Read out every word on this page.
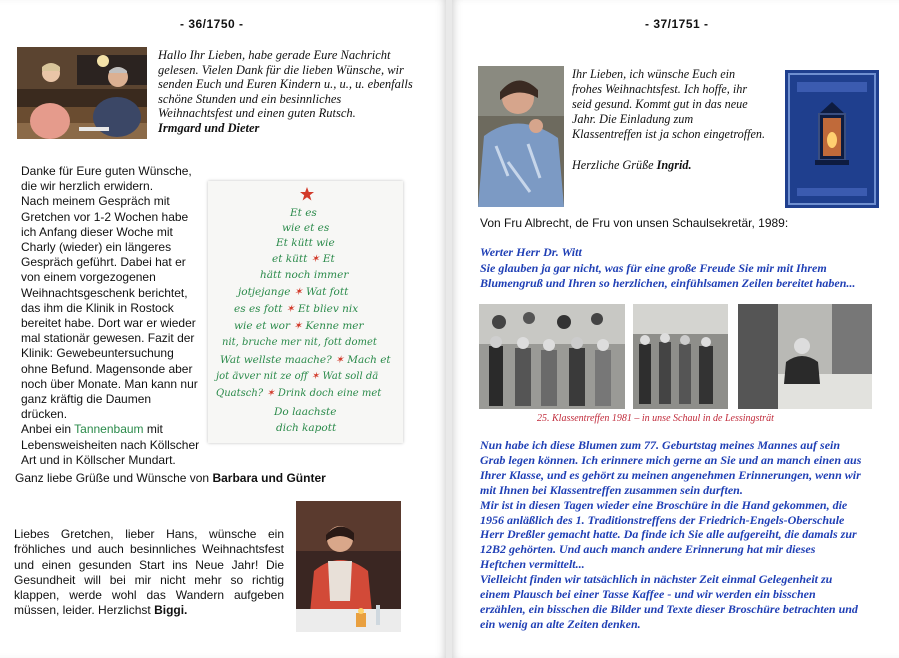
- 36/1750 -
Hallo Ihr Lieben, habe gerade Eure Nachricht
gelesen. Vielen Dank für die lieben Wünsche, wir
senden Euch und Euren Kindern u., u., u. ebenfalls
schöne Stunden und ein besinnliches
Weihnachtsfest und einen guten Rutsch.
Irmgard und Dieter
Danke für Eure guten Wünsche,
die wir herzlich erwidern.
Nach meinem Gespräch mit
Gretchen vor 1-2 Wochen habe
ich Anfang dieser Woche mit
Charly (wieder) ein längeres
Gespräch geführt. Dabei hat er
von einem vorgezogenen
Weihnachtsgeschenk berichtet,
das ihm die Klinik in Rostock
bereitet habe. Dort war er wieder
mal stationär gewesen. Fazit der
Klinik: Gewebeuntersuchung
ohne Befund. Magensonde aber
noch über Monate. Man kann nur
ganz kräftig die Daumen
drücken.
Anbei ein Tannenbaum mit
Lebensweisheiten nach Köllscher
Art und in Köllscher Mundart.
Et es
wie et es
Et kütt wie
et kütt ✶ Et
hätt noch immer
jotjejange ✶ Wat fott
es es fott ✶ Et bliev nix
wie et wor ✶ Kenne mer
nit, bruche mer nit, fott domet
Wat wellste maache? ✶ Mach et
jot ävver nit ze off ✶ Wat soll dä
Quatsch? ✶ Drink doch eine met
Do laachste
dich kapott
Ganz liebe Grüße und Wünsche von Barbara und Günter
Liebes Gretchen, lieber Hans, wünsche ein
fröhliches und auch besinnliches Weihnachtsfest
und einen gesunden Start ins Neue Jahr! Die
Gesundheit will bei mir nicht mehr so richtig
klappen, werde wohl das Wandern aufgeben
müssen, leider. Herzlichst Biggi.
- 37/1751 -
Ihr Lieben, ich wünsche Euch ein
frohes Weihnachtsfest. Ich hoffe, ihr
seid gesund. Kommt gut in das neue
Jahr. Die Einladung zum
Klassentreffen ist ja schon eingetroffen.
Herzliche Grüße Ingrid.
Von Fru Albrecht, de Fru von unsen Schaulsekretär, 1989:
Werter Herr Dr. Witt
Sie glauben ja gar nicht, was für eine große Freude Sie mir mit Ihrem
Blumengruß und Ihren so herzlichen, einfühlsamen Zeilen bereitet haben...
25. Klassentreffen 1981 – in unse Schaul in de Lessingsträt
Nun habe ich diese Blumen zum 77. Geburtstag meines Mannes auf sein
Grab legen können. Ich erinnere mich gerne an Sie und an manch einen aus
Ihrer Klasse, und es gehört zu meinen angenehmen Erinnerungen, wenn wir
mit Ihnen bei Klassentreffen zusammen sein durften.
Mir ist in diesen Tagen wieder eine Broschüre in die Hand gekommen, die
1956 anläßlich des 1. Traditionstreffens der Friedrich-Engels-Oberschule
Herr Dreßler gemacht hatte. Da finde ich Sie alle aufgereiht, die damals zur
12B2 gehörten. Und auch manch andere Erinnerung hat mir dieses
Heftchen vermittelt...
Vielleicht finden wir tatsächlich in nächster Zeit einmal Gelegenheit zu
einem Plausch bei einer Tasse Kaffee - und wir werden ein bisschen
erzählen, ein bisschen die Bilder und Texte dieser Broschüre betrachten und
ein wenig an alte Zeiten denken.
